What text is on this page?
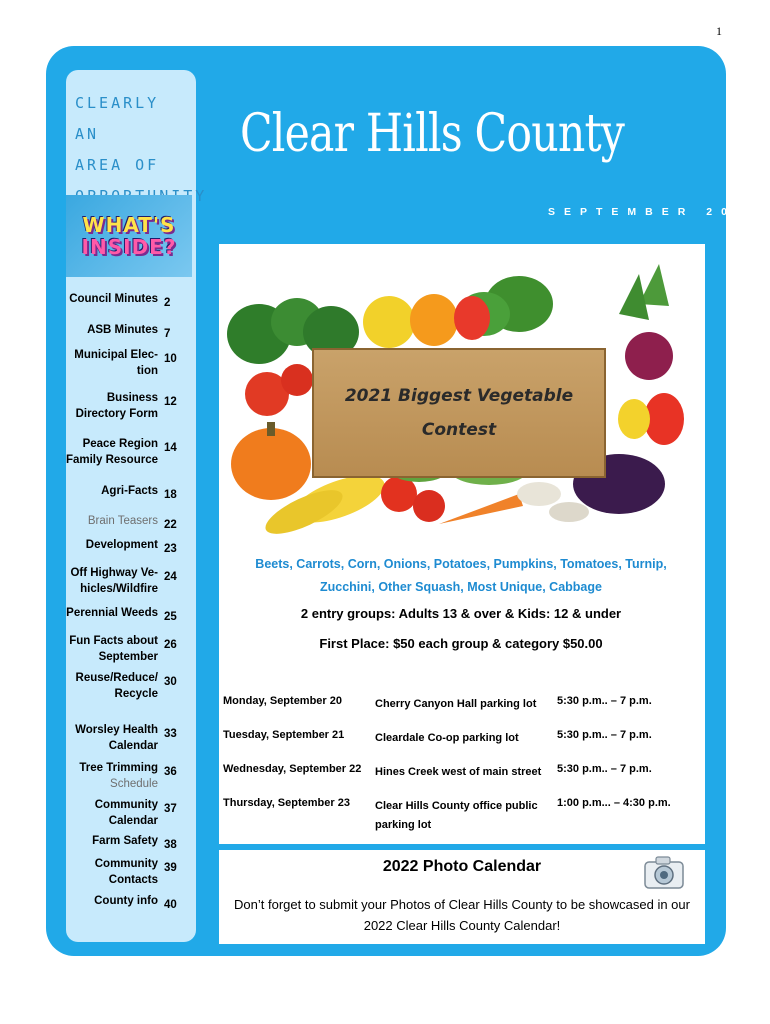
1
CLEARLY AN
AREA OF
WHAT'S
INSIDE?
Council Minutes 2
ASB Minutes 7
Municipal Elec-
tion
10
Business
Directory Form
12
Peace Region
Family Resource
14
Agri-Facts 18
Brain Teasers 22
Development 23
Off Highway Ve-
hicles/Wildfire
24
Perennial Weeds 25
Fun Facts about
September
26
Reuse/Reduce/
Recycle
30
Worsley Health
Calendar
33
Tree Trimming
Schedule
36
Community
Calendar
37
Farm Safety 38
Community
Contacts
39
County info 40
Clear Hills County
SEPTEMBER 2021
2021 Biggest Vegetable
Contest
Beets, Carrots, Corn, Onions, Potatoes, Pumpkins, Tomatoes, Turnip,
Zucchini, Other Squash, Most Unique, Cabbage
2 entry groups: Adults 13 & over & Kids: 12 & under
First Place: $50 each group & category $50.00
Monday, September 20	Cherry Canyon Hall parking lot	5:30 p.m.. – 7 p.m.
Tuesday, September 21	Cleardale Co-op parking lot	5:30 p.m.. – 7 p.m.
Wednesday, September 22	Hines Creek west of main street	5:30 p.m.. – 7 p.m.
Thursday, September 23	Clear Hills County office public parking lot
1:00 p.m... – 4:30 p.m.
2022 Photo Calendar
Don’t forget to submit your Photos of Clear Hills County to be showcased in our 2022 Clear Hills County Calendar!
